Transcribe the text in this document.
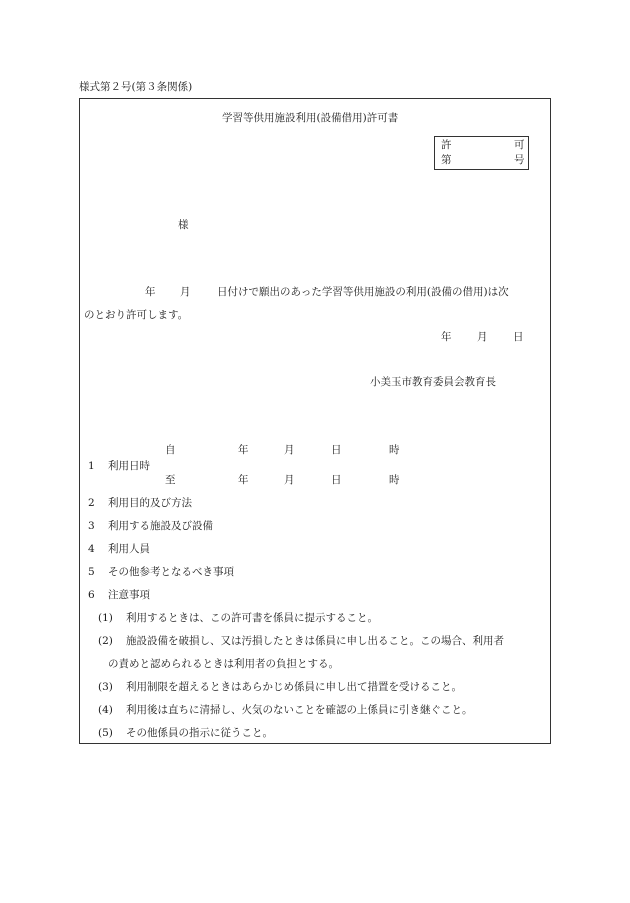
様式第２号(第３条関係)
学習等供用施設利用(設備借用)許可書
許	可
第	号
様
年 月	日付けで願出のあった学習等供用施設の利用(設備の借用)は次
のとおり許可します。
年 月 日
小美玉市教育委員会教育長
自	年	月	日	時
1 利用日時
至	年	月	日	時
2 利用目的及び方法
3 利用する施設及び設備
4 利用人員
5 その他参考となるべき事項
6 注意事項
(1) 利用するときは、この許可書を係員に提示すること。
(2) 施設設備を破損し、又は汚損したときは係員に申し出ること。この場合、利用者
の責めと認められるときは利用者の負担とする。
(3) 利用制限を超えるときはあらかじめ係員に申し出て措置を受けること。
(4) 利用後は直ちに清掃し、火気のないことを確認の上係員に引き継ぐこと。
(5) その他係員の指示に従うこと。
